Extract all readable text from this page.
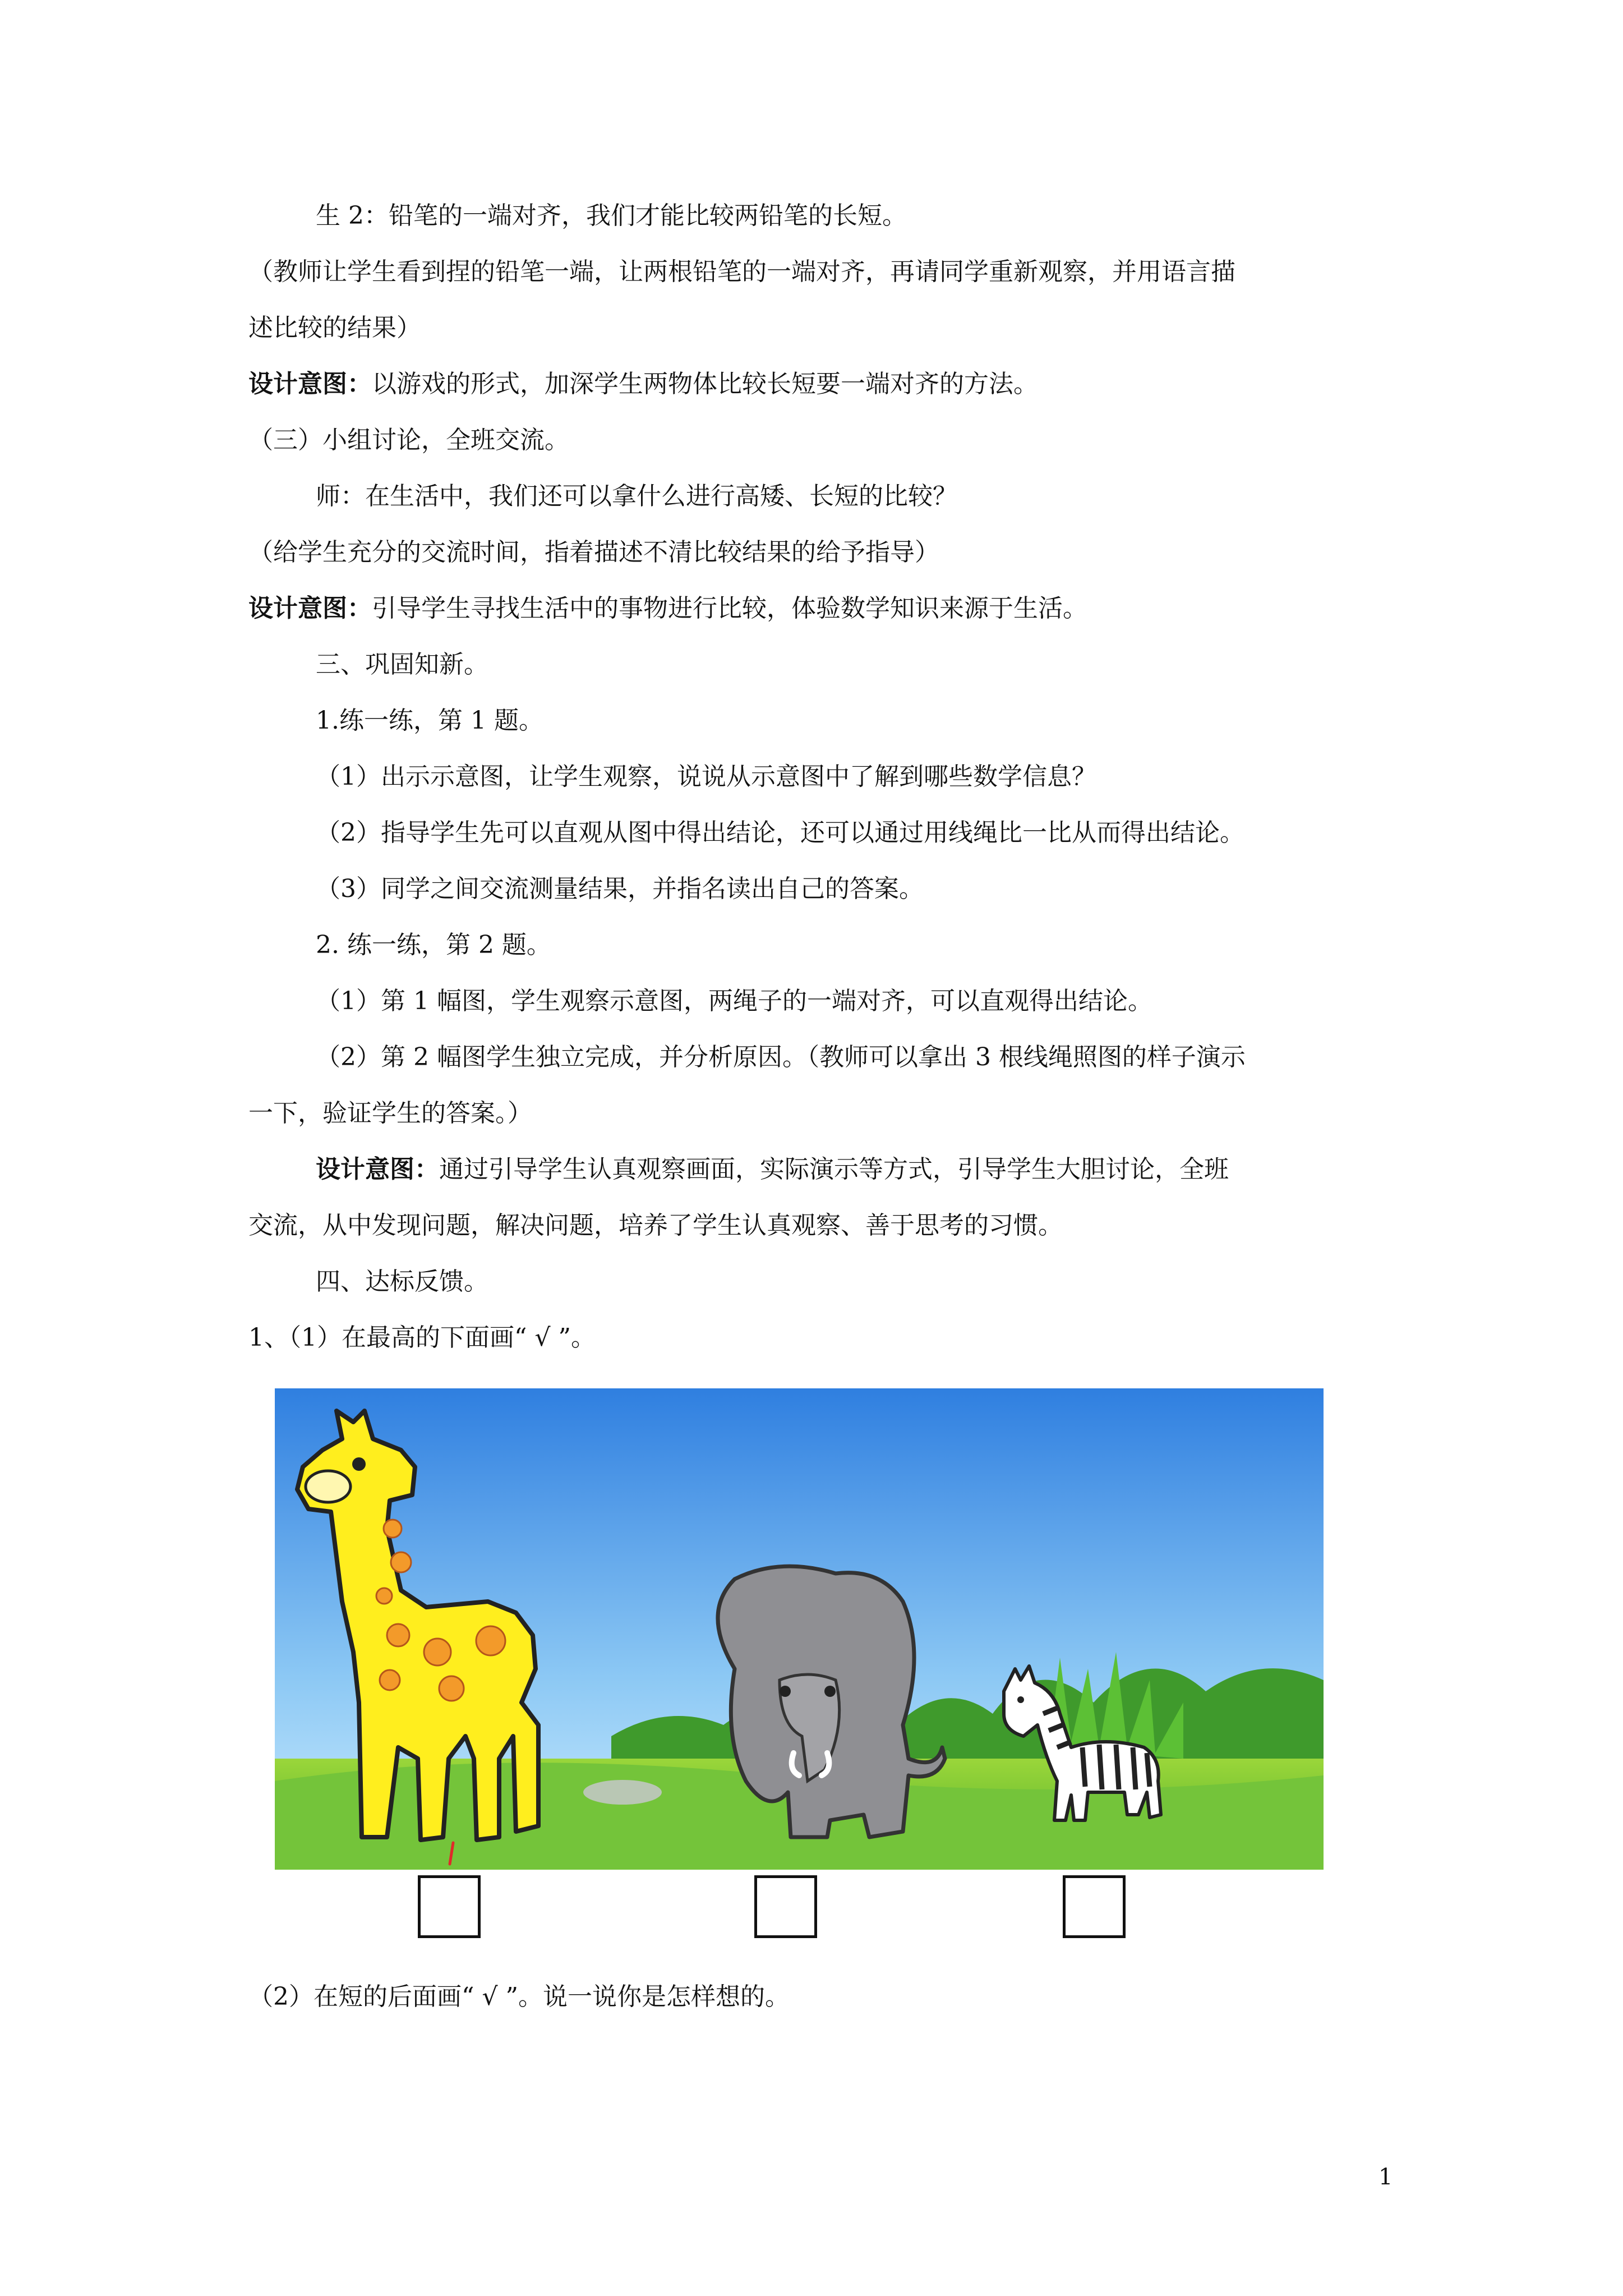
生 2：铅笔的一端对齐，我们才能比较两铅笔的长短。
（教师让学生看到捏的铅笔一端，让两根铅笔的一端对齐，再请同学重新观察，并用语言描
述比较的结果）
设计意图：以游戏的形式，加深学生两物体比较长短要一端对齐的方法。
（三）小组讨论，全班交流。
师：在生活中，我们还可以拿什么进行高矮、长短的比较？
（给学生充分的交流时间，指着描述不清比较结果的给予指导）
设计意图：引导学生寻找生活中的事物进行比较，体验数学知识来源于生活。
三、巩固知新。
1.练一练，第 1 题。
（1）出示示意图，让学生观察，说说从示意图中了解到哪些数学信息？
（2）指导学生先可以直观从图中得出结论，还可以通过用线绳比一比从而得出结论。
（3）同学之间交流测量结果，并指名读出自己的答案。
2. 练一练，第 2 题。
（1）第 1 幅图，学生观察示意图，两绳子的一端对齐，可以直观得出结论。
（2）第 2 幅图学生独立完成，并分析原因。（教师可以拿出 3 根线绳照图的样子演示
一下，验证学生的答案。）
设计意图：通过引导学生认真观察画面，实际演示等方式，引导学生大胆讨论，全班
交流，从中发现问题，解决问题，培养了学生认真观察、善于思考的习惯。
四、达标反馈。
1、（1）在最高的下面画“ √ ”。
（2）在短的后面画“ √ ”。说一说你是怎样想的。
1
